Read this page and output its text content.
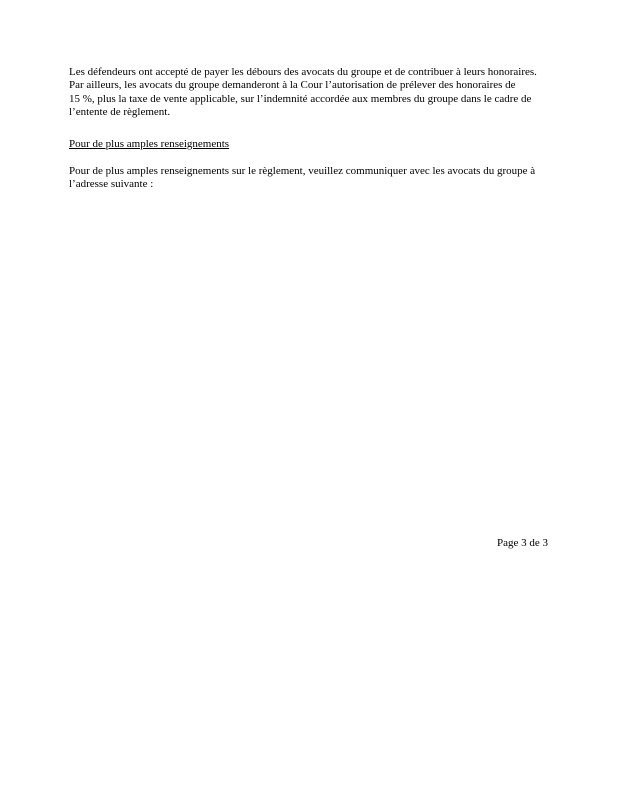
Les défendeurs ont accepté de payer les débours des avocats du groupe et de contribuer à leurs honoraires.
Par ailleurs, les avocats du groupe demanderont à la Cour l’autorisation de prélever des honoraires de
15 %, plus la taxe de vente applicable, sur l’indemnité accordée aux membres du groupe dans le cadre de
l’entente de règlement.
Pour de plus amples renseignements
Pour de plus amples renseignements sur le règlement, veuillez communiquer avec les avocats du groupe à
l’adresse suivante :
Page 3 de 3
